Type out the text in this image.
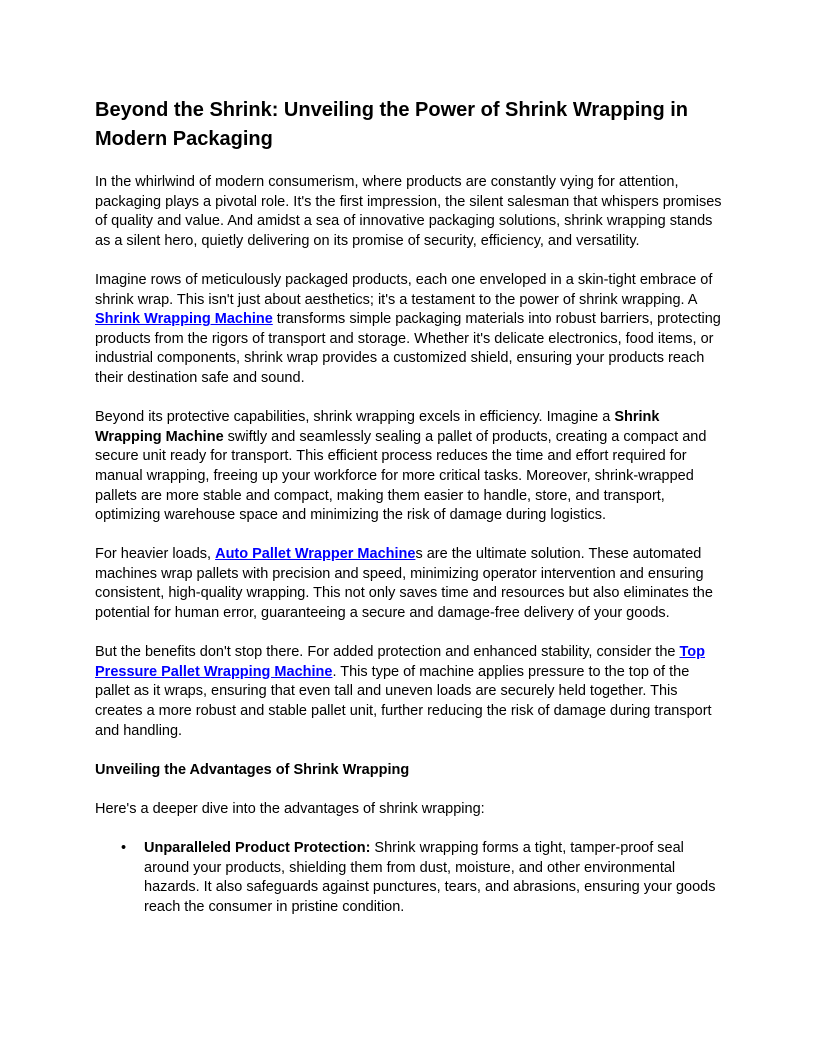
Beyond the Shrink: Unveiling the Power of Shrink Wrapping in Modern Packaging

In the whirlwind of modern consumerism, where products are constantly vying for attention, packaging plays a pivotal role. It's the first impression, the silent salesman that whispers promises of quality and value. And amidst a sea of innovative packaging solutions, shrink wrapping stands as a silent hero, quietly delivering on its promise of security, efficiency, and versatility.

Imagine rows of meticulously packaged products, each one enveloped in a skin-tight embrace of shrink wrap. This isn't just about aesthetics; it's a testament to the power of shrink wrapping. A Shrink Wrapping Machine transforms simple packaging materials into robust barriers, protecting products from the rigors of transport and storage. Whether it's delicate electronics, food items, or industrial components, shrink wrap provides a customized shield, ensuring your products reach their destination safe and sound.

Beyond its protective capabilities, shrink wrapping excels in efficiency. Imagine a Shrink Wrapping Machine swiftly and seamlessly sealing a pallet of products, creating a compact and secure unit ready for transport. This efficient process reduces the time and effort required for manual wrapping, freeing up your workforce for more critical tasks. Moreover, shrink-wrapped pallets are more stable and compact, making them easier to handle, store, and transport, optimizing warehouse space and minimizing the risk of damage during logistics.

For heavier loads, Auto Pallet Wrapper Machines are the ultimate solution. These automated machines wrap pallets with precision and speed, minimizing operator intervention and ensuring consistent, high-quality wrapping. This not only saves time and resources but also eliminates the potential for human error, guaranteeing a secure and damage-free delivery of your goods.

But the benefits don't stop there. For added protection and enhanced stability, consider the Top Pressure Pallet Wrapping Machine. This type of machine applies pressure to the top of the pallet as it wraps, ensuring that even tall and uneven loads are securely held together. This creates a more robust and stable pallet unit, further reducing the risk of damage during transport and handling.

Unveiling the Advantages of Shrink Wrapping

Here's a deeper dive into the advantages of shrink wrapping:

• Unparalleled Product Protection: Shrink wrapping forms a tight, tamper-proof seal around your products, shielding them from dust, moisture, and other environmental hazards. It also safeguards against punctures, tears, and abrasions, ensuring your goods reach the consumer in pristine condition.
